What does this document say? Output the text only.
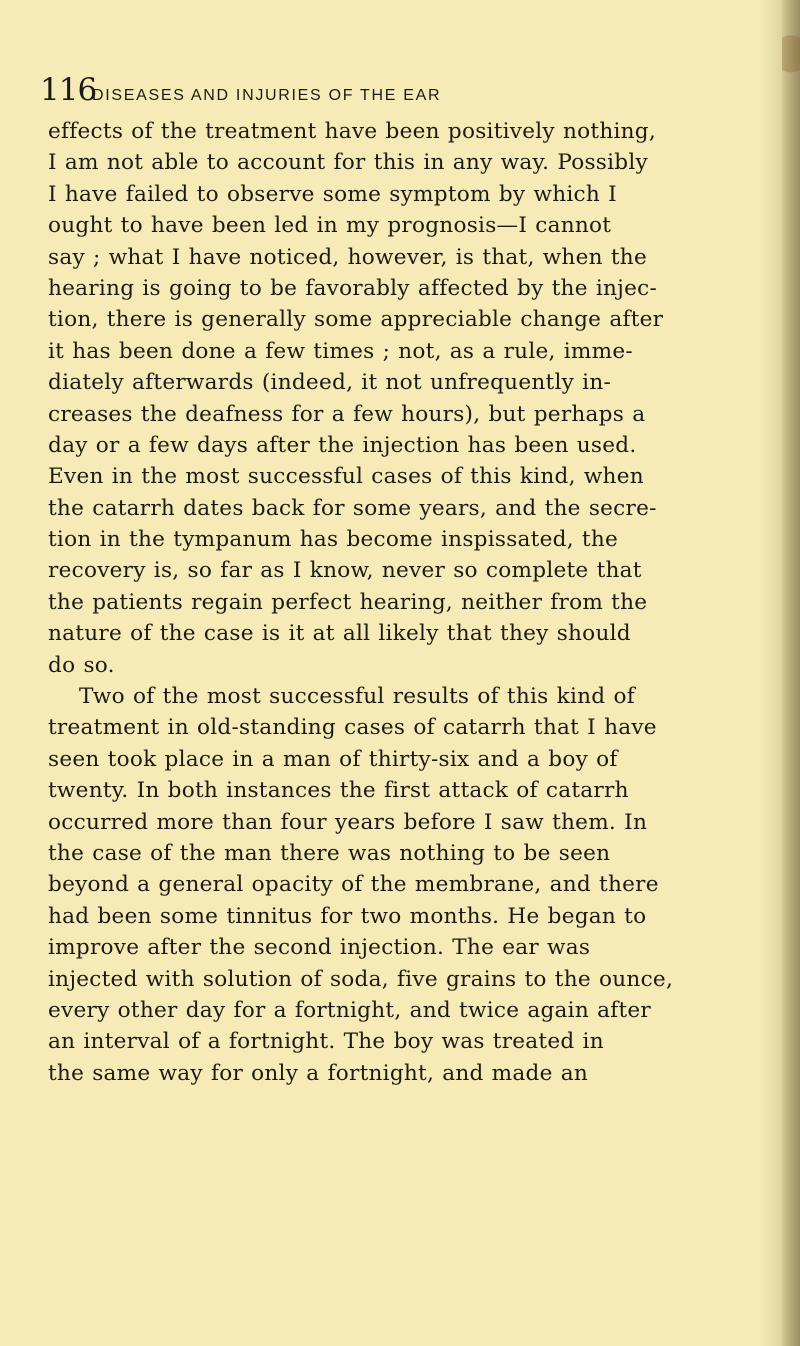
116
DISEASES AND INJURIES OF THE EAR
effects of the treatment have been positively nothing,
I am not able to account for this in any way. Possibly
I have failed to observe some symptom by which I
ought to have been led in my prognosis—I cannot
say ; what I have noticed, however, is that, when the
hearing is going to be favorably affected by the injec-
tion, there is generally some appreciable change after
it has been done a few times ; not, as a rule, imme-
diately afterwards (indeed, it not unfrequently in-
creases the deafness for a few hours), but perhaps a
day or a few days after the injection has been used.
Even in the most successful cases of this kind, when
the catarrh dates back for some years, and the secre-
tion in the tympanum has become inspissated, the
recovery is, so far as I know, never so complete that
the patients regain perfect hearing, neither from the
nature of the case is it at all likely that they should
do so.
Two of the most successful results of this kind of
treatment in old-standing cases of catarrh that I have
seen took place in a man of thirty-six and a boy of
twenty. In both instances the first attack of catarrh
occurred more than four years before I saw them. In
the case of the man there was nothing to be seen
beyond a general opacity of the membrane, and there
had been some tinnitus for two months. He began to
improve after the second injection. The ear was
injected with solution of soda, five grains to the ounce,
every other day for a fortnight, and twice again after
an interval of a fortnight. The boy was treated in
the same way for only a fortnight, and made an
